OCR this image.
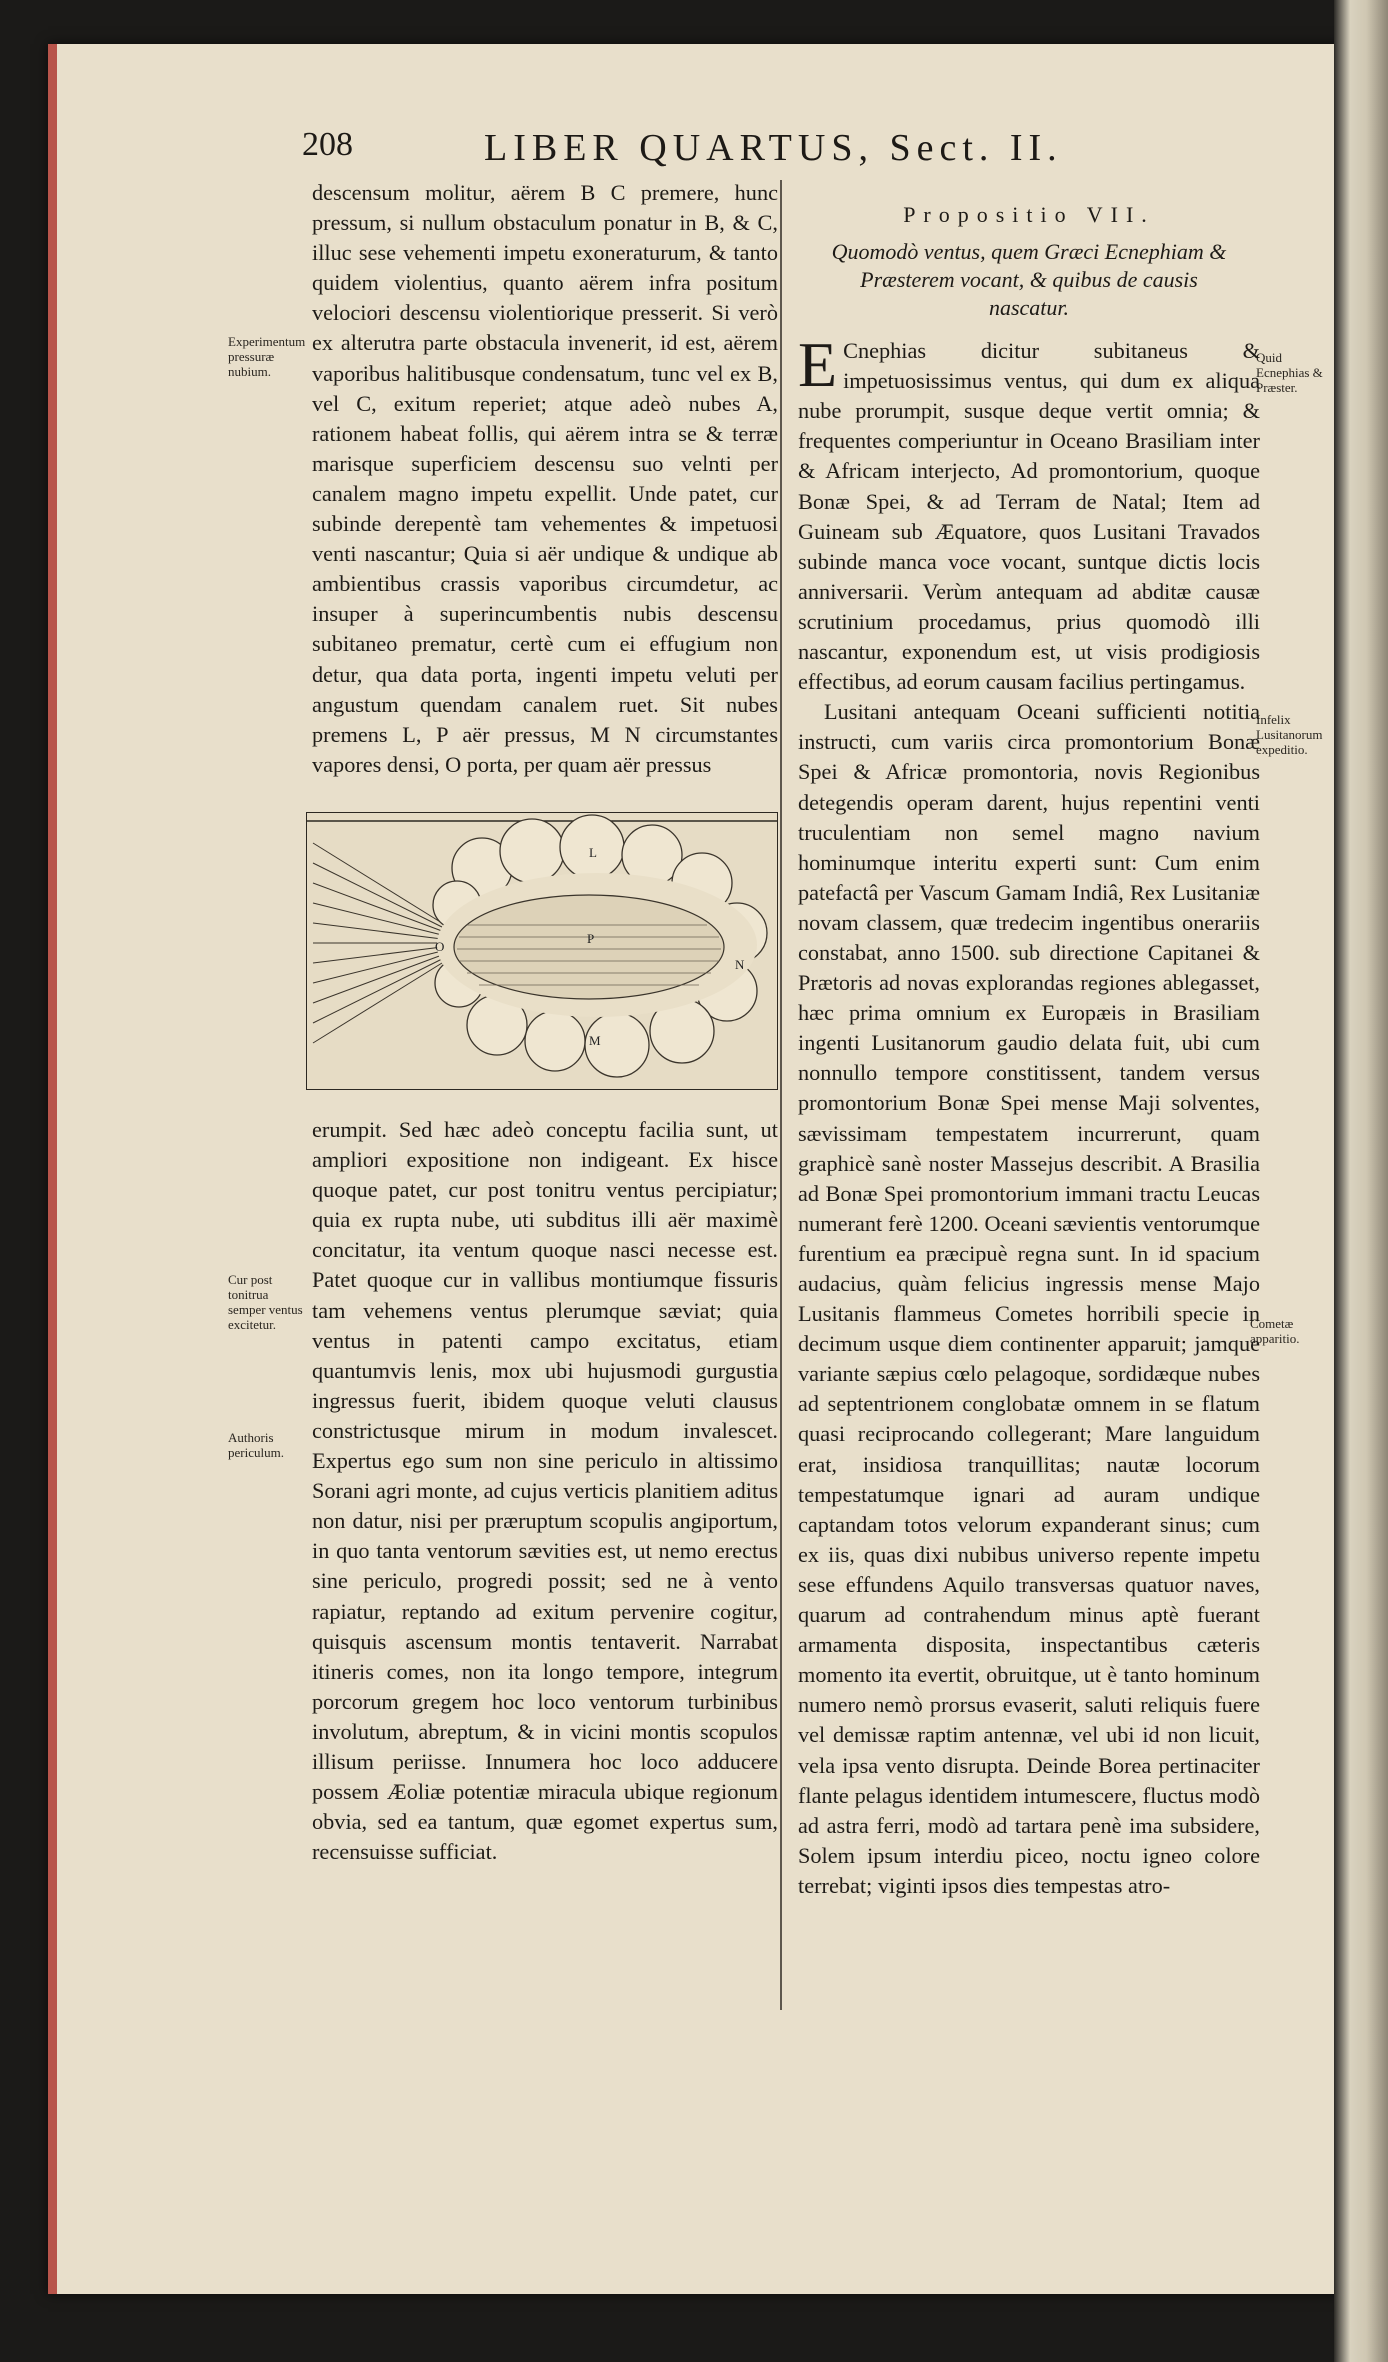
208	LIBER QUARTUS, Sect. II.

descensum molitur, aërem B C premere, hunc pressum, si nullum obstaculum ponatur in B, & C, illuc sese vehementi impetu exoneraturum, & tanto quidem violentius, quanto aërem infra positum velociori descensu violentiorique presserit. Si verò ex alterutra parte obstacula invenerit, id est, aërem vaporibus halitibusque condensatum, tunc vel ex B, vel C, exitum reperiet; atque adeò nubes A, rationem habeat follis, qui aërem intra se & terræ marisque superficiem descensu suo velnti per canalem magno impetu expellit. Unde patet, cur subinde derepentè tam vehementes & impetuosi venti nascantur; Quia si aër undique & undique ab ambientibus crassis vaporibus circumdetur, ac insuper à superincumbentis nubis descensu subitaneo prematur, certè cum ei effugium non detur, qua data porta, ingenti impetu veluti per angustum quendam canalem ruet. Sit nubes premens L, P aër pressus, M N circumstantes vapores densi, O porta, per quam aër pressus

L
P
M
N
O

erumpit. Sed hæc adeò conceptu facilia sunt, ut ampliori expositione non indigeant. Ex hisce quoque patet, cur post tonitru ventus percipiatur; quia ex rupta nube, uti subditus illi aër maximè concitatur, ita ventum quoque nasci necesse est. Patet quoque cur in vallibus montiumque fissuris tam vehemens ventus plerumque sæviat; quia ventus in patenti campo excitatus, etiam quantumvis lenis, mox ubi hujusmodi gurgustia ingressus fuerit, ibidem quoque veluti clausus constrictusque mirum in modum invalescet. Expertus ego sum non sine periculo in altissimo Sorani agri monte, ad cujus verticis planitiem aditus non datur, nisi per præruptum scopulis angiportum, in quo tanta ventorum sævities est, ut nemo erectus sine periculo, progredi possit; sed ne à vento rapiatur, reptando ad exitum pervenire cogitur, quisquis ascensum montis tentaverit. Narrabat itineris comes, non ita longo tempore, integrum porcorum gregem hoc loco ventorum turbinibus involutum, abreptum, & in vicini montis scopulos illisum periisse. Innumera hoc loco adducere possem Æoliæ potentiæ miracula ubique regionum obvia, sed ea tantum, quæ egomet expertus sum, recensuisse sufficiat.

Experimentum pressuræ nubium.
Cur post tonitrua semper ventus excitetur.
Authoris periculum.
Quid Ecnephias & Præster.
Infelix Lusitanorum expeditio.
Cometæ apparitio.

Propositio VII.

Quomodò ventus, quem Græci Ecnephiam & Præsterem vocant, & quibus de causis nascatur.

E Cnephias dicitur subitaneus & impetuosissimus ventus, qui dum ex aliqua nube prorumpit, susque deque vertit omnia; & frequentes comperiuntur in Oceano Brasiliam inter & Africam interjecto, Ad promontorium, quoque Bonæ Spei, & ad Terram de Natal; Item ad Guineam sub Æquatore, quos Lusitani Travados subinde manca voce vocant, suntque dictis locis anniversarii. Verùm antequam ad abditæ causæ scrutinium procedamus, prius quomodò illi nascantur, exponendum est, ut visis prodigiosis effectibus, ad eorum causam facilius pertingamus.

Lusitani antequam Oceani sufficienti notitia instructi, cum variis circa promontorium Bonæ Spei & Africæ promontoria, novis Regionibus detegendis operam darent, hujus repentini venti truculentiam non semel magno navium hominumque interitu experti sunt: Cum enim patefactâ per Vascum Gamam Indiâ, Rex Lusitaniæ novam classem, quæ tredecim ingentibus onerariis constabat, anno 1500. sub directione Capitanei & Prætoris ad novas explorandas regiones ablegasset, hæc prima omnium ex Europæis in Brasiliam ingenti Lusitanorum gaudio delata fuit, ubi cum nonnullo tempore constitissent, tandem versus promontorium Bonæ Spei mense Maji solventes, sævissimam tempestatem incurrerunt, quam graphicè sanè noster Massejus describit. A Brasilia ad Bonæ Spei promontorium immani tractu Leucas numerant ferè 1200. Oceani sævientis ventorumque furentium ea præcipuè regna sunt. In id spacium audacius, quàm felicius ingressis mense Majo Lusitanis flammeus Cometes horribili specie in decimum usque diem continenter apparuit; jamque variante sæpius cœlo pelagoque, sordidæque nubes ad septentrionem conglobatæ omnem in se flatum quasi reciprocando collegerant; Mare languidum erat, insidiosa tranquillitas; nautæ locorum tempestatumque ignari ad auram undique captandam totos velorum expanderant sinus; cum ex iis, quas dixi nubibus universo repente impetu sese effundens Aquilo transversas quatuor naves, quarum ad contrahendum minus aptè fuerant armamenta disposita, inspectantibus cæteris momento ita evertit, obruitque, ut è tanto hominum numero nemò prorsus evaserit, saluti reliquis fuere vel demissæ raptim antennæ, vel ubi id non licuit, vela ipsa vento disrupta. Deinde Borea pertinaciter flante pelagus identidem intumescere, fluctus modò ad astra ferri, modò ad tartara penè ima subsidere, Solem ipsum interdiu piceo, noctu igneo colore terrebat; viginti ipsos dies tempestas atro-
